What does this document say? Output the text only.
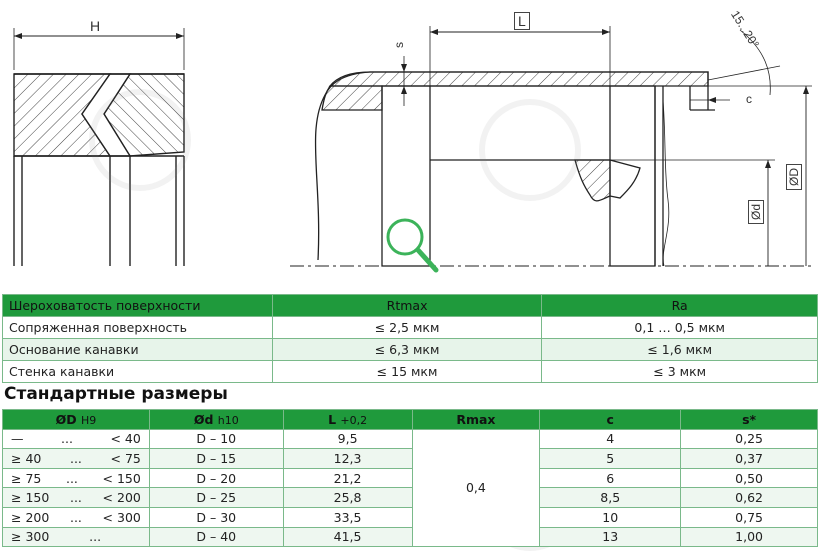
H	L
s	15...20°
c
ØD
Ød
Шероховатость поверхности	Rtmax	Ra
Сопряженная поверхность	≤ 2,5 мкм	0,1 … 0,5 мкм
Основание канавки	≤ 6,3 мкм	≤ 1,6 мкм
Стенка канавки	≤ 15 мкм	≤ 3 мкм
Стандартные размеры
ØD H9	Ød h10	L +0,2	Rmax	c	s*

— ... < 40	D – 10	9,5	0,4	4	0,25

≥ 40 ... < 75	D – 15	12,3		5	0,37

≥ 75 ... < 150	D – 20	21,2		6	0,50

≥ 150 ... < 200	D – 25	25,8		8,5	0,62

≥ 200 ... < 300	D – 30	33,5		10	0,75

≥ 300 ...	D – 40	41,5		13	1,00
